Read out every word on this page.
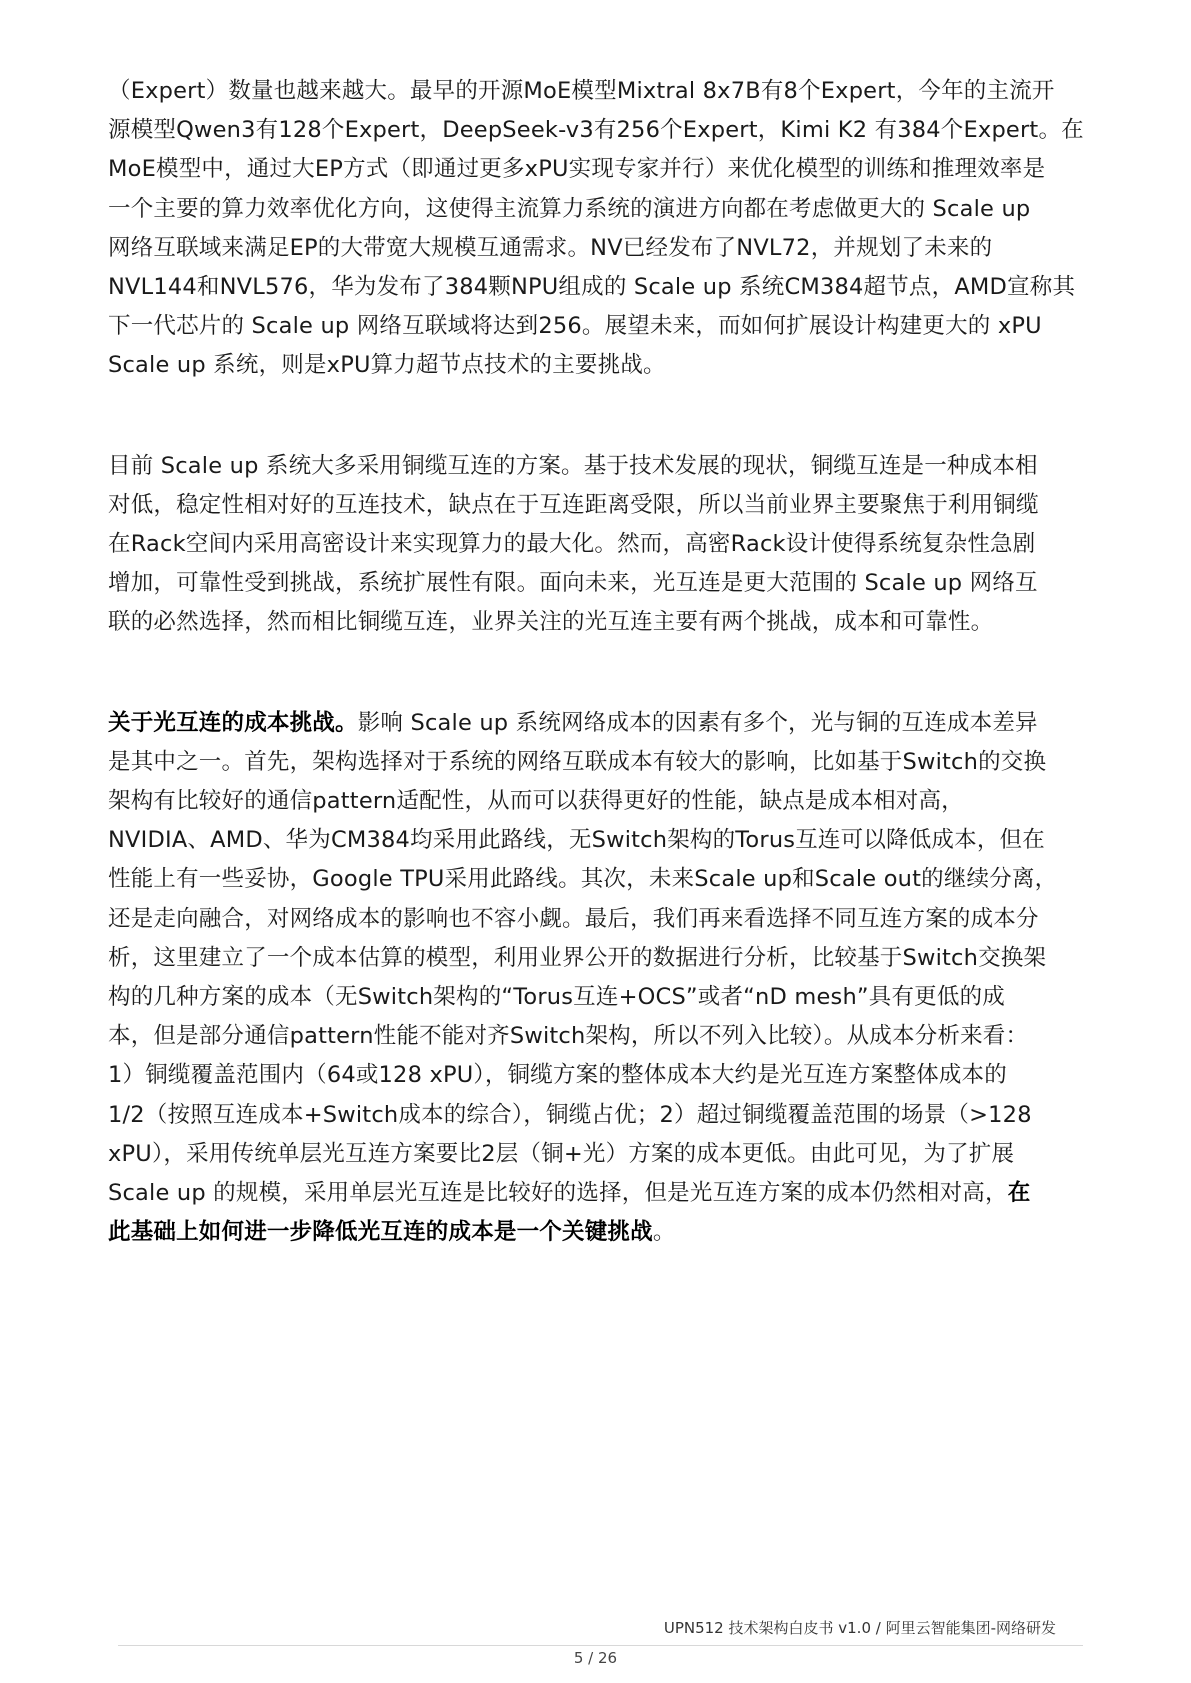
（Expert）数量也越来越大。最早的开源MoE模型Mixtral 8x7B有8个Expert，今年的主流开
源模型Qwen3有128个Expert，DeepSeek-v3有256个Expert，Kimi K2 有384个Expert。在
MoE模型中，通过大EP方式（即通过更多xPU实现专家并行）来优化模型的训练和推理效率是
一个主要的算力效率优化方向，这使得主流算力系统的演进方向都在考虑做更大的 Scale up
网络互联域来满足EP的大带宽大规模互通需求。NV已经发布了NVL72，并规划了未来的
NVL144和NVL576，华为发布了384颗NPU组成的 Scale up 系统CM384超节点，AMD宣称其
下一代芯片的 Scale up 网络互联域将达到256。展望未来，而如何扩展设计构建更大的 xPU
Scale up 系统，则是xPU算力超节点技术的主要挑战。

目前 Scale up 系统大多采用铜缆互连的方案。基于技术发展的现状，铜缆互连是一种成本相
对低，稳定性相对好的互连技术，缺点在于互连距离受限，所以当前业界主要聚焦于利用铜缆
在Rack空间内采用高密设计来实现算力的最大化。然而，高密Rack设计使得系统复杂性急剧
增加，可靠性受到挑战，系统扩展性有限。面向未来，光互连是更大范围的 Scale up 网络互
联的必然选择，然而相比铜缆互连，业界关注的光互连主要有两个挑战，成本和可靠性。

关于光互连的成本挑战。影响 Scale up 系统网络成本的因素有多个，光与铜的互连成本差异
是其中之一。首先，架构选择对于系统的网络互联成本有较大的影响，比如基于Switch的交换
架构有比较好的通信pattern适配性，从而可以获得更好的性能，缺点是成本相对高，
NVIDIA、AMD、华为CM384均采用此路线，无Switch架构的Torus互连可以降低成本，但在
性能上有一些妥协，Google TPU采用此路线。其次，未来Scale up和Scale out的继续分离，
还是走向融合，对网络成本的影响也不容小觑。最后，我们再来看选择不同互连方案的成本分
析，这里建立了一个成本估算的模型，利用业界公开的数据进行分析，比较基于Switch交换架
构的几种方案的成本（无Switch架构的“Torus互连+OCS”或者“nD mesh”具有更低的成
本，但是部分通信pattern性能不能对齐Switch架构，所以不列入比较）。从成本分析来看：
1）铜缆覆盖范围内（64或128 xPU），铜缆方案的整体成本大约是光互连方案整体成本的
1/2（按照互连成本+Switch成本的综合），铜缆占优；2）超过铜缆覆盖范围的场景（>128
xPU），采用传统单层光互连方案要比2层（铜+光）方案的成本更低。由此可见，为了扩展
Scale up 的规模，采用单层光互连是比较好的选择，但是光互连方案的成本仍然相对高，在
此基础上如何进一步降低光互连的成本是一个关键挑战。

UPN512 技术架构白皮书 v1.0 / 阿里云智能集团-网络研发
5 / 26
